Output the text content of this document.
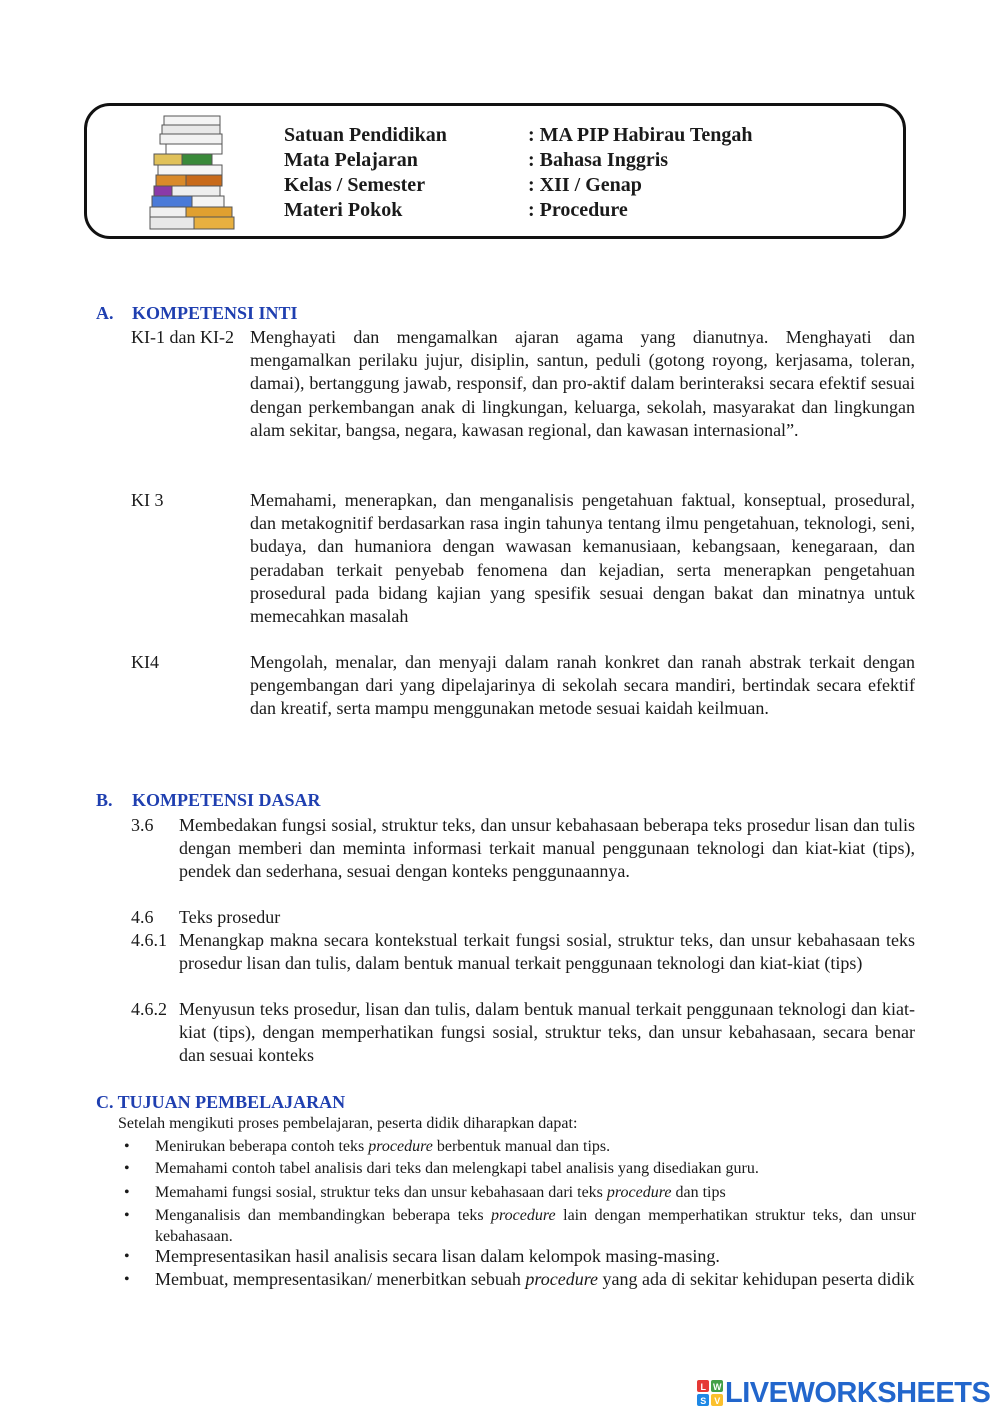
Satuan Pendidikan	: MA PIP Habirau Tengah
Mata Pelajaran	: Bahasa Inggris
Kelas / Semester	: XII / Genap
Materi Pokok	: Procedure
A. KOMPETENSI INTI
KI-1 dan KI-2 Menghayati dan mengamalkan ajaran agama yang dianutnya. Menghayati dan mengamalkan perilaku jujur, disiplin, santun, peduli (gotong royong, kerjasama, toleran, damai), bertanggung jawab, responsif, dan pro-aktif dalam berinteraksi secara efektif sesuai dengan perkembangan anak di lingkungan, keluarga, sekolah, masyarakat dan lingkungan alam sekitar, bangsa, negara, kawasan regional, dan kawasan internasional”.
KI 3	Memahami, menerapkan, dan menganalisis pengetahuan faktual, konseptual, prosedural, dan metakognitif berdasarkan rasa ingin tahunya tentang ilmu pengetahuan, teknologi, seni, budaya, dan humaniora dengan wawasan kemanusiaan, kebangsaan, kenegaraan, dan peradaban terkait penyebab fenomena dan kejadian, serta menerapkan pengetahuan prosedural pada bidang kajian yang spesifik sesuai dengan bakat dan minatnya untuk memecahkan masalah
KI4	Mengolah, menalar, dan menyaji dalam ranah konkret dan ranah abstrak terkait dengan pengembangan dari yang dipelajarinya di sekolah secara mandiri, bertindak secara efektif dan kreatif, serta mampu menggunakan metode sesuai kaidah keilmuan.
B. KOMPETENSI DASAR
3.6 Membedakan fungsi sosial, struktur teks, dan unsur kebahasaan beberapa teks prosedur lisan dan tulis dengan memberi dan meminta informasi terkait manual penggunaan teknologi dan kiat-kiat (tips), pendek dan sederhana, sesuai dengan konteks penggunaannya.
4.6 Teks prosedur
4.6.1 Menangkap makna secara kontekstual terkait fungsi sosial, struktur teks, dan unsur kebahasaan teks prosedur lisan dan tulis, dalam bentuk manual terkait penggunaan teknologi dan kiat-kiat (tips)
4.6.2 Menyusun teks prosedur, lisan dan tulis, dalam bentuk manual terkait penggunaan teknologi dan kiat-kiat (tips), dengan memperhatikan fungsi sosial, struktur teks, dan unsur kebahasaan, secara benar dan sesuai konteks
C. TUJUAN PEMBELAJARAN
Setelah mengikuti proses pembelajaran, peserta didik diharapkan dapat:
• Menirukan beberapa contoh teks procedure berbentuk manual dan tips.
• Memahami contoh tabel analisis dari teks dan melengkapi tabel analisis yang disediakan guru.
• Memahami fungsi sosial, struktur teks dan unsur kebahasaan dari teks procedure dan tips
• Menganalisis dan membandingkan beberapa teks procedure lain dengan memperhatikan struktur teks, dan unsur kebahasaan.
• Mempresentasikan hasil analisis secara lisan dalam kelompok masing-masing.
• Membuat, mempresentasikan/ menerbitkan sebuah procedure yang ada di sekitar kehidupan peserta didik
L W
S V LIVEWORKSHEETS
